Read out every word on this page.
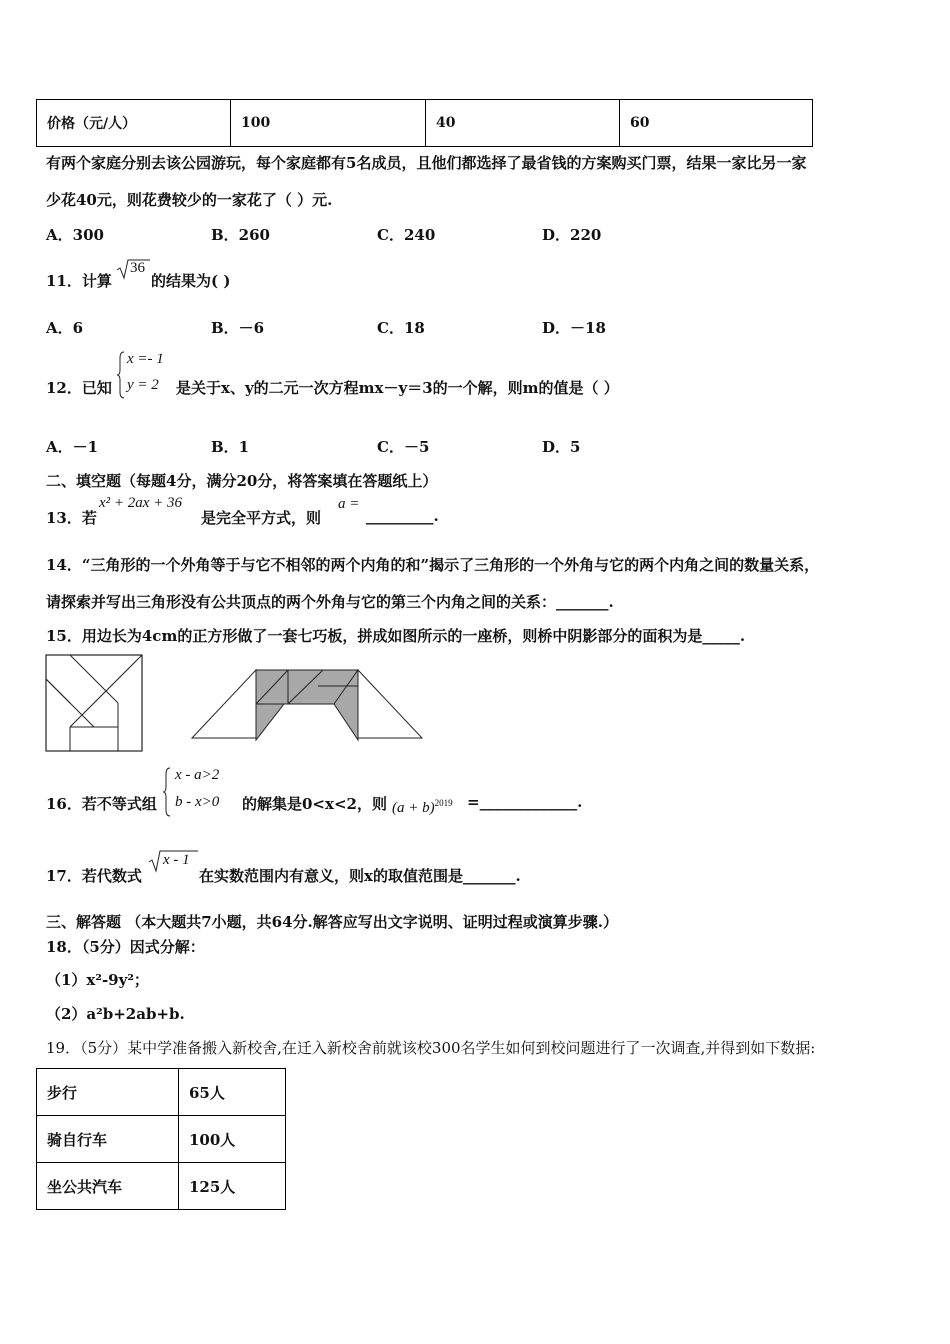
价格（元/人）	100	40	60
有两个家庭分别去该公园游玩，每个家庭都有5名成员，且他们都选择了最省钱的方案购买门票，结果一家比另一家
少花40元，则花费较少的一家花了（ ）元.
A．300	B．260	C．240	D．220
11．计算
36
的结果为( )
A．6	B．－6	C．18	D．－18
12．已知
x =- 1
y = 2 是关于x、y的二元一次方程mx－y＝3的一个解，则m的值是（ ）
A．－1	B．1	C．－5	D．5
二、填空题（每题4分，满分20分，将答案填在答题纸上）
13．若
x² + 2ax + 36
是完全平方式，则
a =
_________.
14．“三角形的一个外角等于与它不相邻的两个内角的和”揭示了三角形的一个外角与它的两个内角之间的数量关系，
请探索并写出三角形没有公共顶点的两个外角与它的第三个内角之间的关系：_______.
15．用边长为4cm的正方形做了一套七巧板，拼成如图所示的一座桥，则桥中阴影部分的面积为是_____.
16．若不等式组
x - a>2
b - x>0 的解集是0<x<2，则 $(a + b)^{2019}$ =_____________.
17．若代数式
x - 1
在实数范围内有意义，则x的取值范围是_______.
三、解答题 （本大题共7小题，共64分.解答应写出文字说明、证明过程或演算步骤.）
18．（5分）因式分解：
（1）x²-9y²；
（2）a²b+2ab+b.
19．（5分）某中学准备搬入新校舍,在迁入新校舍前就该校300名学生如何到校问题进行了一次调查,并得到如下数据:
步行	65人
骑自行车	100人
坐公共汽车	125人
